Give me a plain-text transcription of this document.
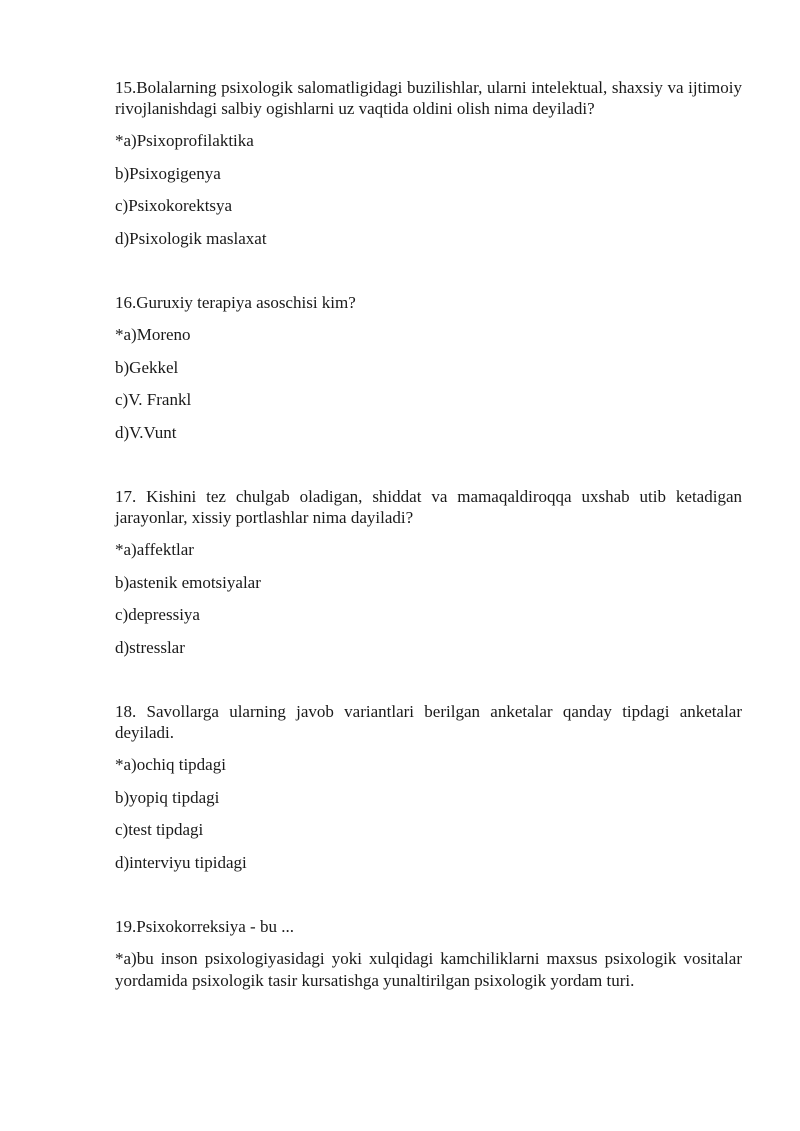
15.Bolalarning psixologik salomatligidagi buzilishlar, ularni intelektual, shaxsiy va ijtimoiy rivojlanishdagi salbiy ogishlarni uz vaqtida oldini olish nima deyiladi?

*a)Psixoprofilaktika

b)Psixogigenya

c)Psixokorektsya

d)Psixologik maslaxat

16.Guruxiy terapiya asoschisi kim?

*a)Moreno

b)Gekkel

c)V. Frankl

d)V.Vunt

17. Kishini tez chulgab oladigan, shiddat va mamaqaldiroqqa uxshab utib ketadigan jarayonlar, xissiy portlashlar nima dayiladi?

*a)affektlar

b)astenik emotsiyalar

c)depressiya

d)stresslar

18. Savollarga ularning javob variantlari berilgan anketalar qanday tipdagi anketalar deyiladi.

*a)ochiq tipdagi

b)yopiq tipdagi

c)test tipdagi

d)interviyu tipidagi

19.Psixokorreksiya - bu ...

*a)bu inson psixologiyasidagi yoki xulqidagi kamchiliklarni maxsus psixologik vositalar yordamida psixologik tasir kursatishga yunaltirilgan psixologik yordam turi.
